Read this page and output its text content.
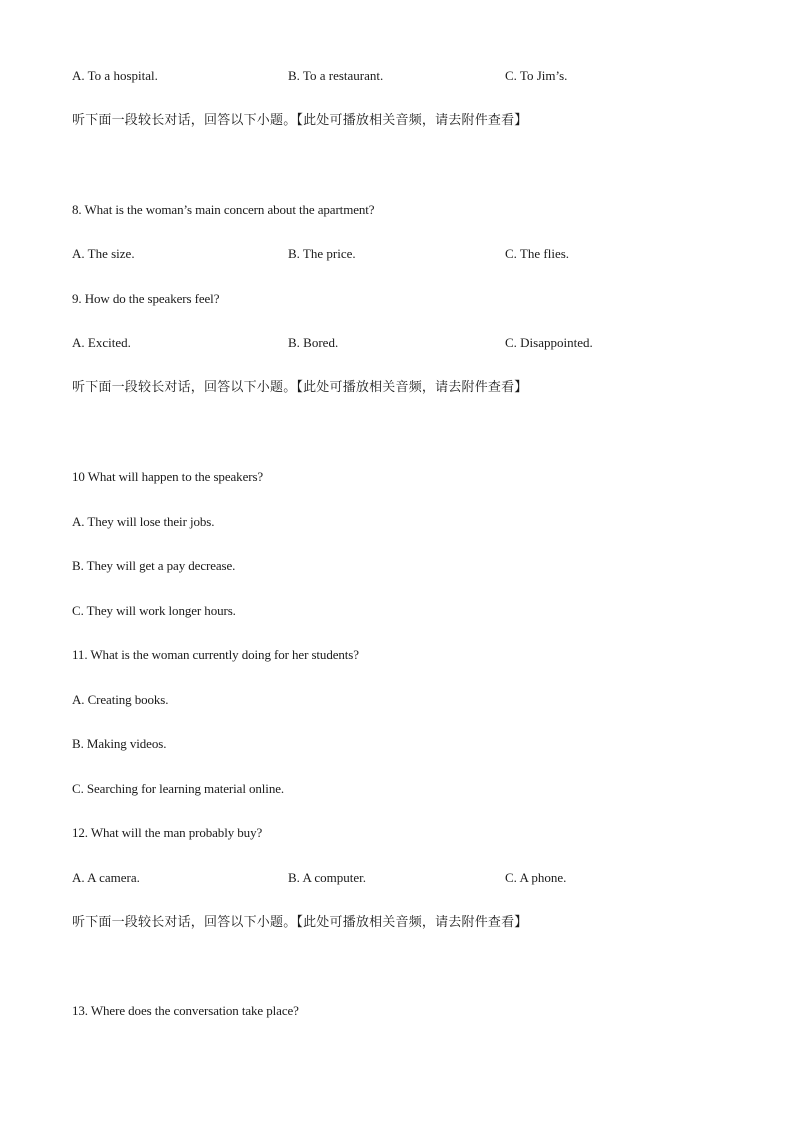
A. To a hospital.	B. To a restaurant.	C. To Jim’s.
听下面一段较长对话，回答以下小题。【此处可播放相关音频，请去附件查看】
8. What is the woman’s main concern about the apartment?
A. The size.	B. The price.	C. The flies.
9. How do the speakers feel?
A. Excited.	B. Bored.	C. Disappointed.
听下面一段较长对话，回答以下小题。【此处可播放相关音频，请去附件查看】
10 What will happen to the speakers?
A. They will lose their jobs.
B. They will get a pay decrease.
C. They will work longer hours.
11. What is the woman currently doing for her students?
A. Creating books.
B. Making videos.
C. Searching for learning material online.
12. What will the man probably buy?
A. A camera.	B. A computer.	C. A phone.
听下面一段较长对话，回答以下小题。【此处可播放相关音频，请去附件查看】
13. Where does the conversation take place?
